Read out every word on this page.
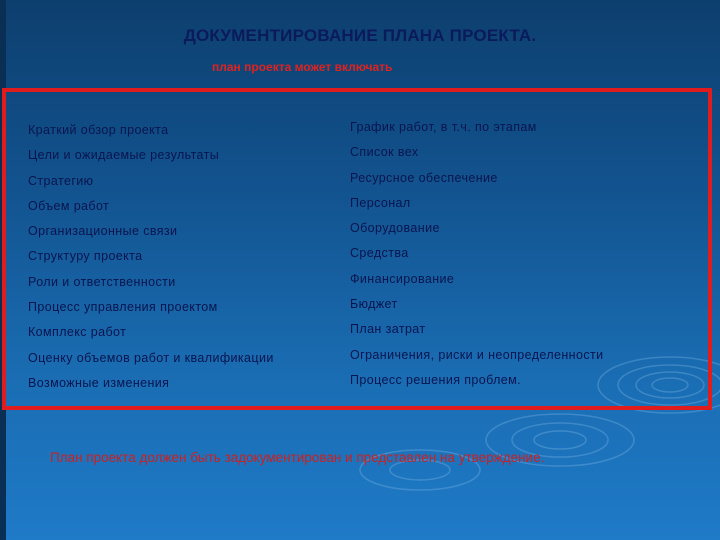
ДОКУМЕНТИРОВАНИЕ ПЛАНА ПРОЕКТА.

план проекта может включать

Краткий обзор проекта
Цели и ожидаемые результаты
Стратегию
Объем работ
Организационные связи
Структуру проекта
Роли и ответственности
Процесс управления проектом
Комплекс работ
Оценку объемов работ и квалификации
Возможные изменения
График работ, в т.ч. по этапам
Список вех
Ресурсное обеспечение
Персонал
Оборудование
Средства
Финансирование
Бюджет
План затрат
Ограничения, риски и неопределенности
Процесс решения проблем.

План проекта должен быть задокументирован и представлен на утверждение.
